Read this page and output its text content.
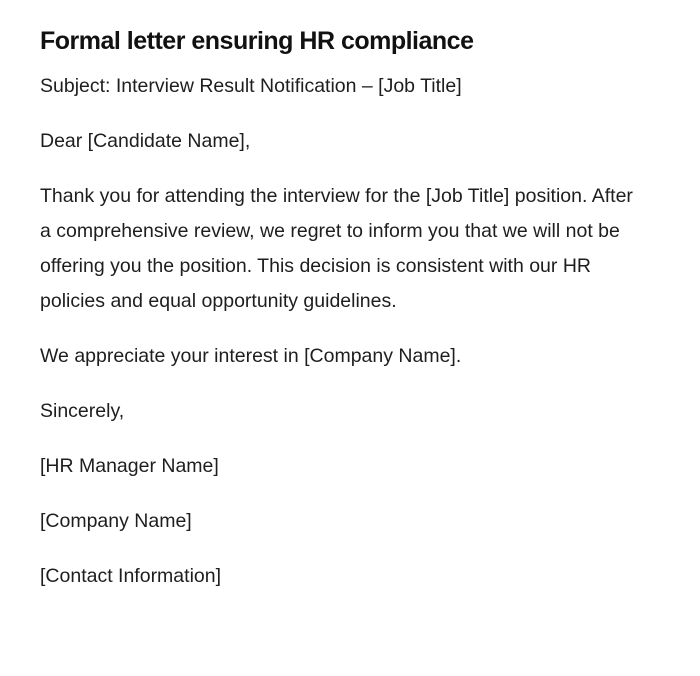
Formal letter ensuring HR compliance

Subject: Interview Result Notification – [Job Title]

Dear [Candidate Name],

Thank you for attending the interview for the [Job Title] position. After a comprehensive review, we regret to inform you that we will not be offering you the position. This decision is consistent with our HR policies and equal opportunity guidelines.

We appreciate your interest in [Company Name].

Sincerely,

[HR Manager Name]

[Company Name]

[Contact Information]
